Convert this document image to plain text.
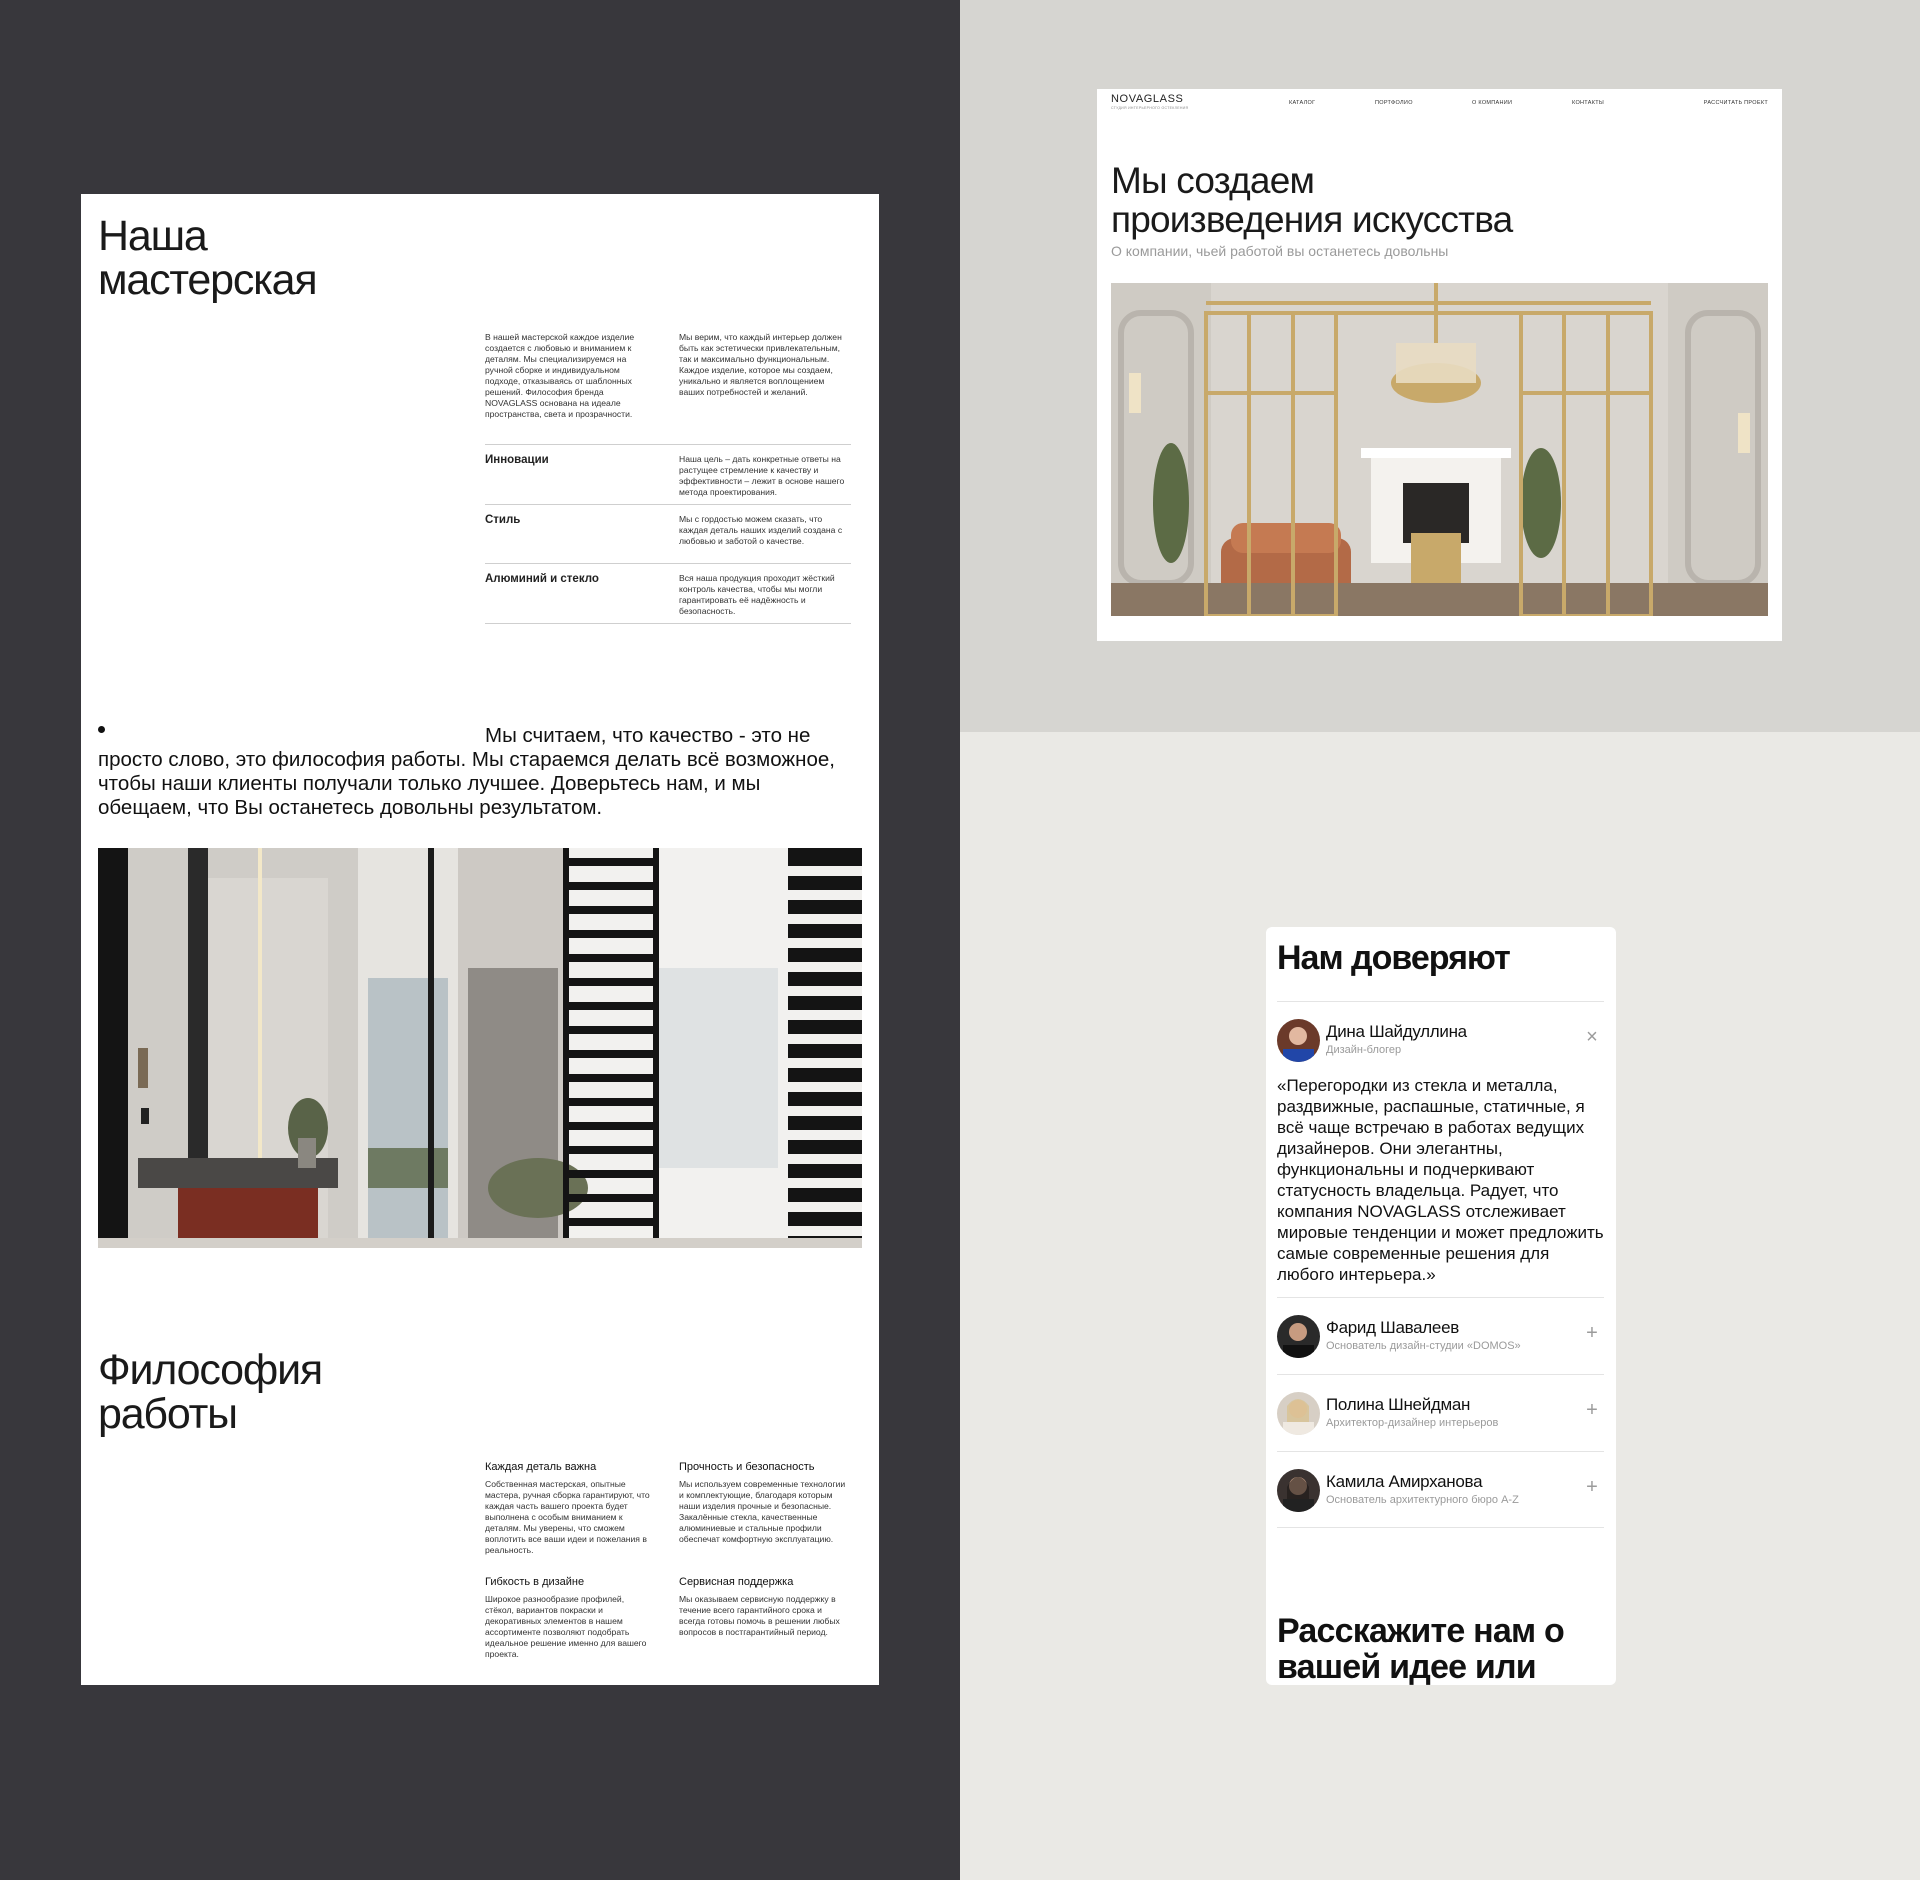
Наша
мастерская

В нашей мастерской каждое изделие создается с любовью и вниманием к деталям. Мы специализируемся на ручной сборке и индивидуальном подходе, отказываясь от шаблонных решений. Философия бренда NOVAGLASS основана на идеале пространства, света и прозрачности.

Мы верим, что каждый интерьер должен быть как эстетически привлекательным, так и максимально функциональным. Каждое изделие, которое мы создаем, уникально и является воплощением ваших потребностей и желаний.

Инновации	Наша цель – дать конкретные ответы на растущее стремление к качеству и эффективности – лежит в основе нашего метода проектирования.
Стиль	Мы с гордостью можем сказать, что каждая деталь наших изделий создана с любовью и заботой о качестве.
Алюминий и стекло	Вся наша продукция проходит жёсткий контроль качества, чтобы мы могли гарантировать её надёжность и безопасность.

Мы считаем, что качество - это не просто слово, это философия работы. Мы стараемся делать всё возможное, чтобы наши клиенты получали только лучшее. Доверьтесь нам, и мы обещаем, что Вы останетесь довольны результатом.

Философия
работы
Каждая деталь важна
Собственная мастерская, опытные мастера, ручная сборка гарантируют, что каждая часть вашего проекта будет выполнена с особым вниманием к деталям. Мы уверены, что сможем воплотить все ваши идеи и пожелания в реальность.
Прочность и безопасность
Мы используем современные технологии и комплектующие, благодаря которым наши изделия прочные и безопасные. Закалённые стекла, качественные алюминиевые и стальные профили обеспечат комфортную эксплуатацию.
Гибкость в дизайне
Широкое разнообразие профилей, стёкол, вариантов покраски и декоративных элементов в нашем ассортименте позволяют подобрать идеальное решение именно для вашего проекта.
Сервисная поддержка
Мы оказываем сервисную поддержку в течение всего гарантийного срока и всегда готовы помочь в решении любых вопросов в постгарантийный период.
NOVAGLASS
СТУДИЯ ИНТЕРЬЕРНОГО ОСТЕКЛЕНИЯ
КАТАЛОГ	ПОРТФОЛИО	О КОМПАНИИ	КОНТАКТЫ	РАССЧИТАТЬ ПРОЕКТ
Мы создаем
произведения искусства

О компании, чьей работой вы останетесь довольны

Нам доверяют
Дина Шайдуллина
Дизайн-блогер
×

«Перегородки из стекла и металла, раздвижные, распашные, статичные, я всё чаще встречаю в работах ведущих дизайнеров. Они элегантны, функциональны и подчеркивают статусность владельца. Радует, что компания NOVAGLASS отслеживает мировые тенденции и может предложить самые современные решения для любого интерьера.»

Фарид Шавалеев
Основатель дизайн-студии «DOMOS»
+
Полина Шнейдман
Архитектор-дизайнер интерьеров
+
Камила Амирханова
Основатель архитектурного бюро A-Z
+
Расскажите нам о вашей идее или
